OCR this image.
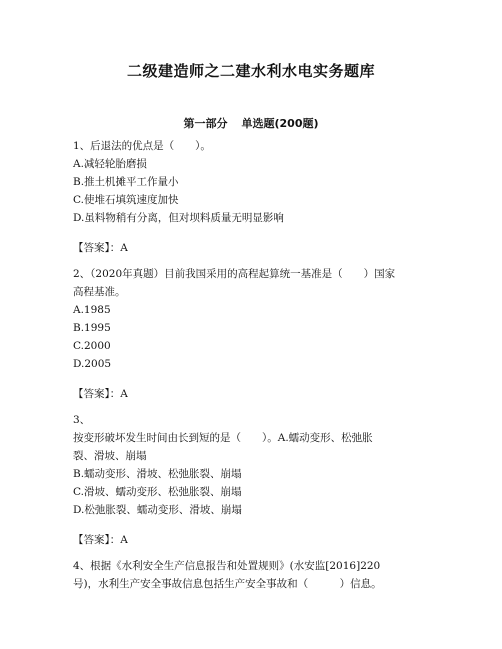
二级建造师之二建水利水电实务题库
第一部分 单选题(200题)
1、后退法的优点是（　　）。
A.减轻轮胎磨损
B.推土机摊平工作量小
C.使堆石填筑速度加快
D.虽料物稍有分离，但对坝料质量无明显影响
【答案】：A
2、（2020年真题）目前我国采用的高程起算统一基准是（　　）国家
高程基准。
A.1985
B.1995
C.2000
D.2005
【答案】：A
3、
按变形破坏发生时间由长到短的是（　　）。A.蠕动变形、松弛胀
裂、滑坡、崩塌
B.蠕动变形、滑坡、松弛胀裂、崩塌
C.滑坡、蠕动变形、松弛胀裂、崩塌
D.松弛胀裂、蠕动变形、滑坡、崩塌
【答案】：A
4、根据《水利安全生产信息报告和处置规则》(水安监[2016]220
号)，水利生产安全事故信息包括生产安全事故和（　　　）信息。
